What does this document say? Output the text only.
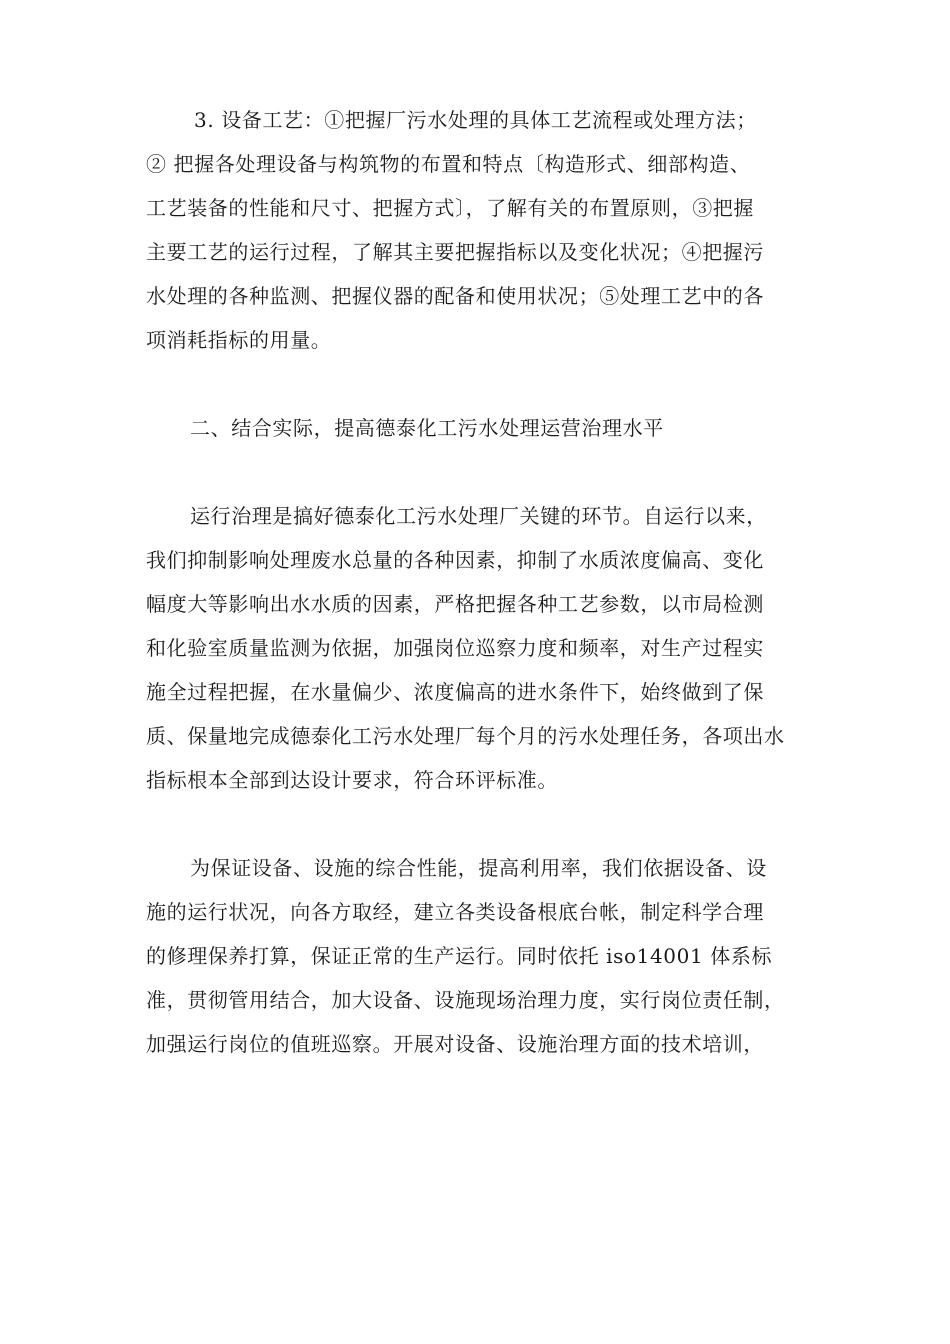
3. 设备工艺：①把握厂污水处理的具体工艺流程或处理方法；
② 把握各处理设备与构筑物的布置和特点〔构造形式、细部构造、
工艺装备的性能和尺寸、把握方式〕，了解有关的布置原则，③把握
主要工艺的运行过程，了解其主要把握指标以及变化状况；④把握污
水处理的各种监测、把握仪器的配备和使用状况；⑤处理工艺中的各
项消耗指标的用量。
二、结合实际，提高德泰化工污水处理运营治理水平
运行治理是搞好德泰化工污水处理厂关键的环节。自运行以来，
我们抑制影响处理废水总量的各种因素，抑制了水质浓度偏高、变化
幅度大等影响出水水质的因素，严格把握各种工艺参数，以市局检测
和化验室质量监测为依据，加强岗位巡察力度和频率，对生产过程实
施全过程把握，在水量偏少、浓度偏高的进水条件下，始终做到了保
质、保量地完成德泰化工污水处理厂每个月的污水处理任务，各项出水
指标根本全部到达设计要求，符合环评标准。
为保证设备、设施的综合性能，提高利用率，我们依据设备、设
施的运行状况，向各方取经，建立各类设备根底台帐，制定科学合理
的修理保养打算，保证正常的生产运行。同时依托 iso14001 体系标
准，贯彻管用结合，加大设备、设施现场治理力度，实行岗位责任制，
加强运行岗位的值班巡察。开展对设备、设施治理方面的技术培训，
